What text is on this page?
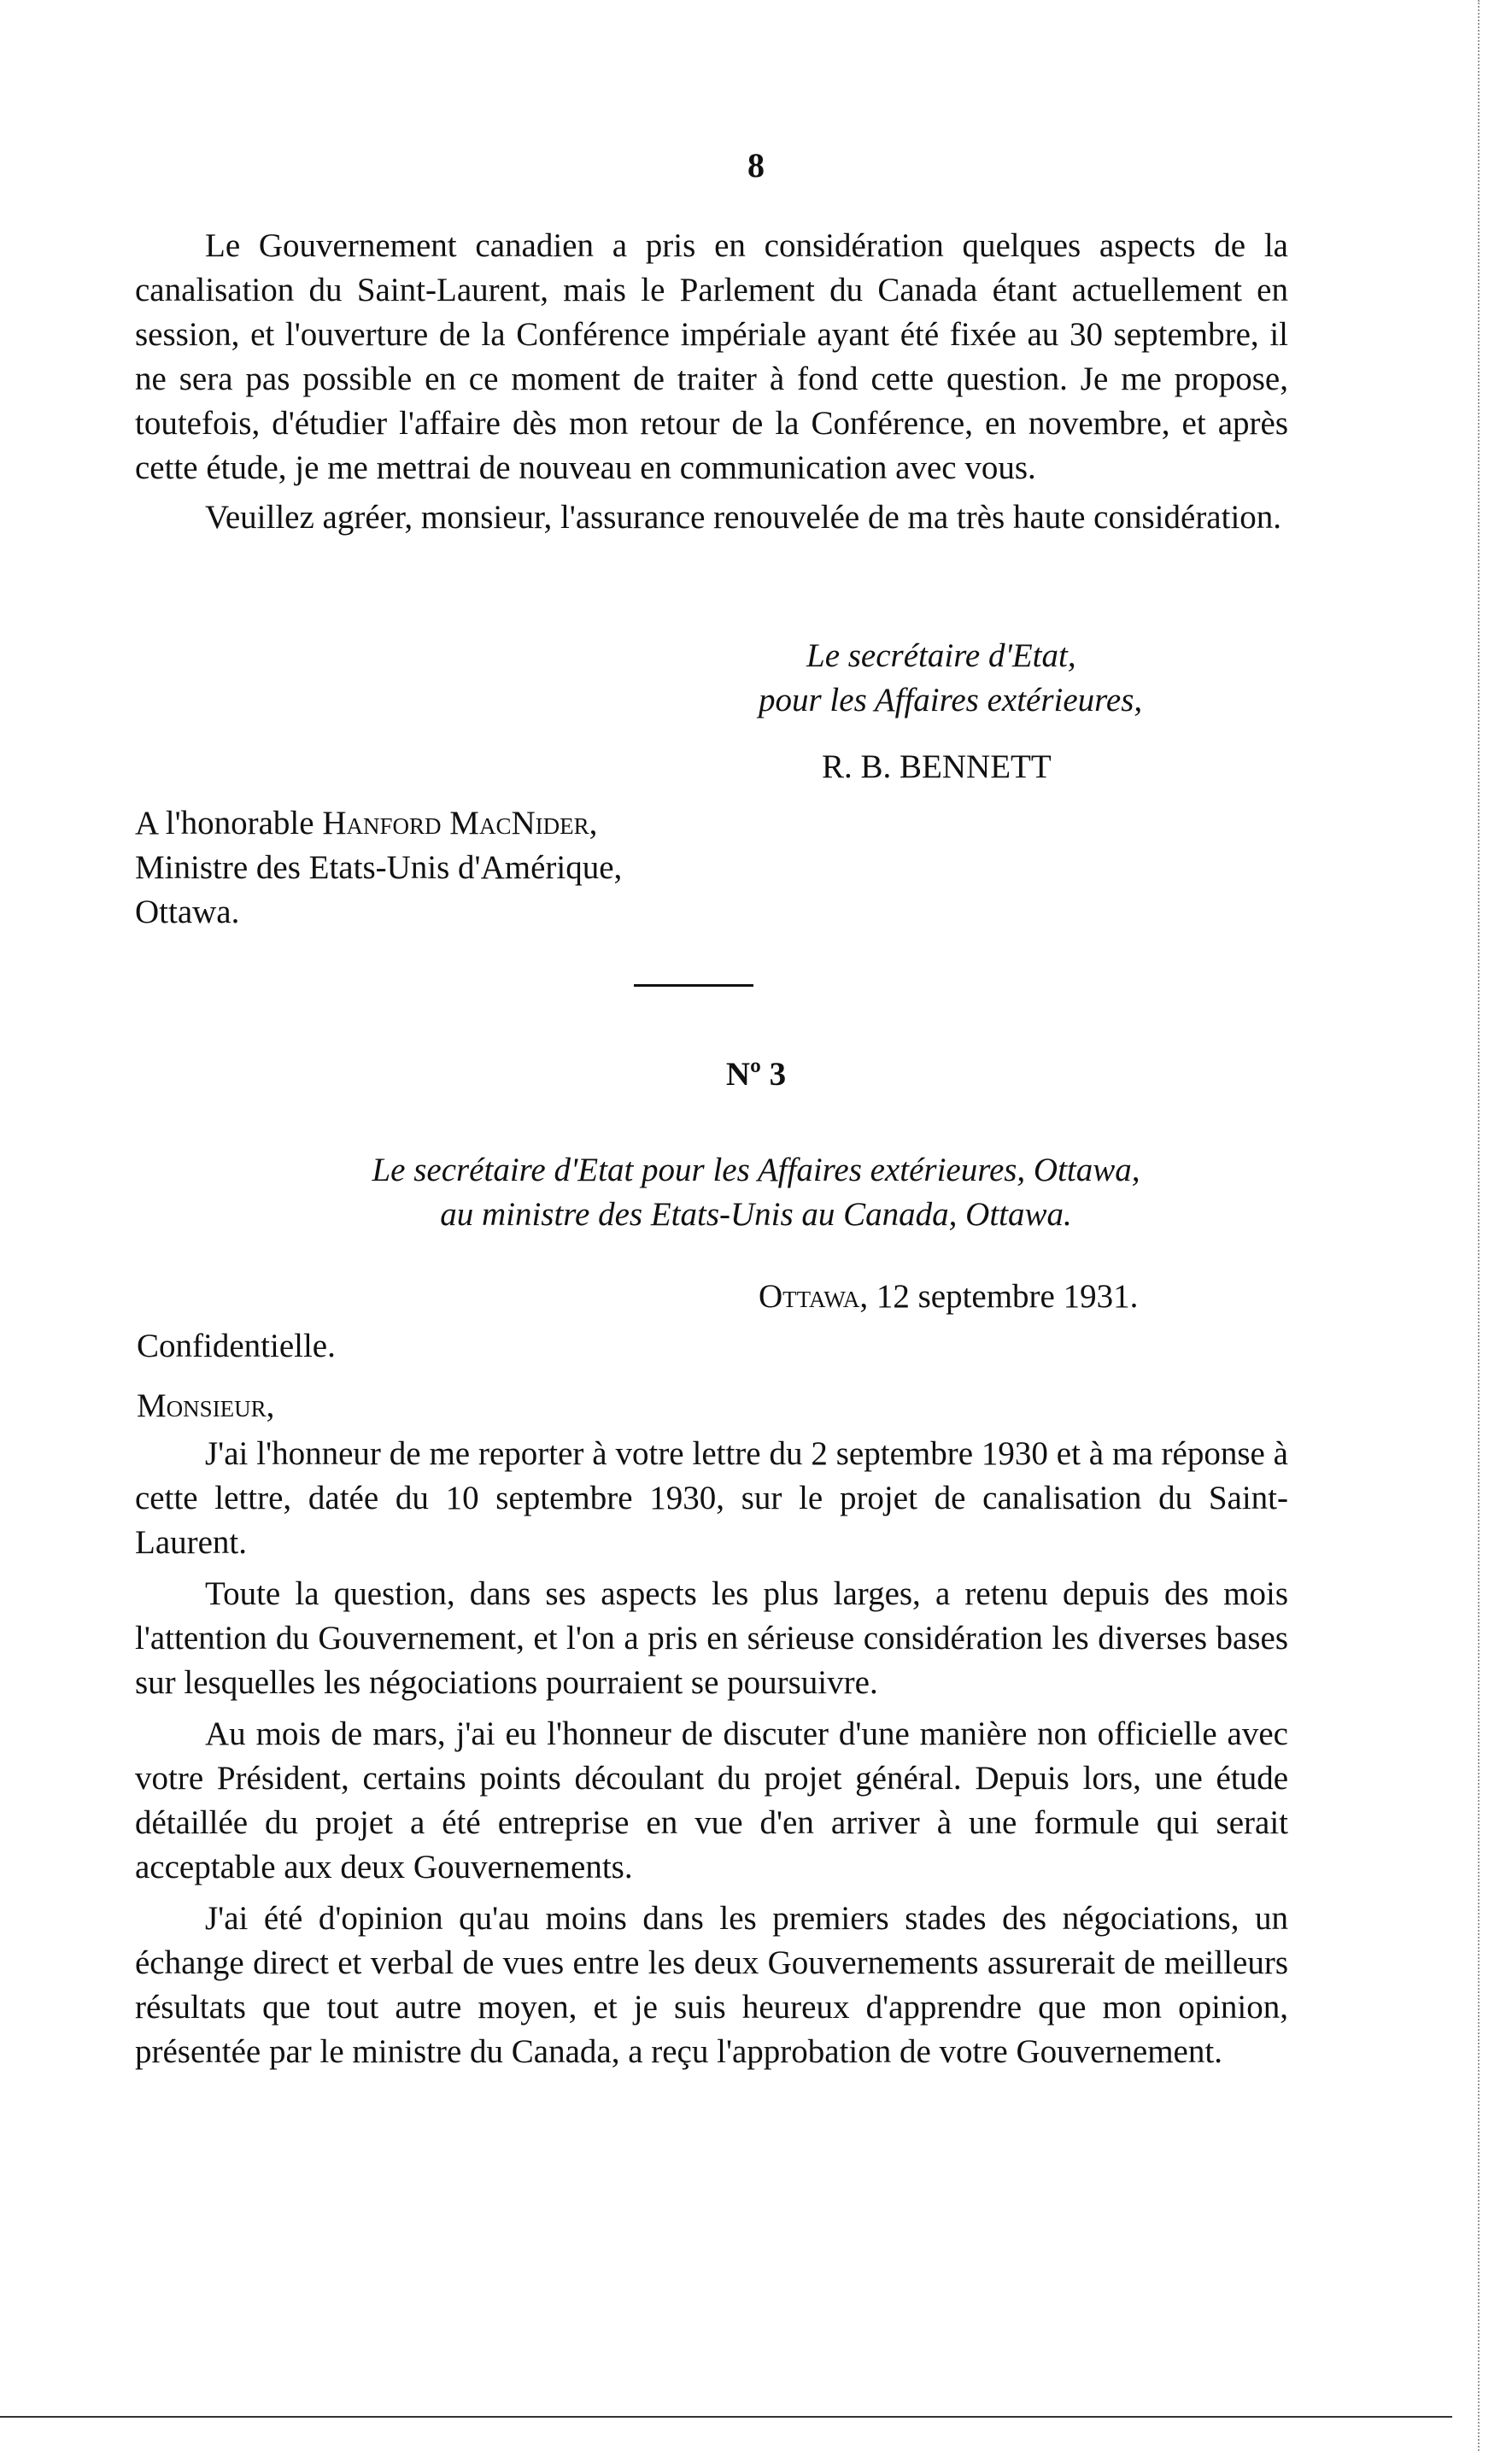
8

Le Gouvernement canadien a pris en considération quelques aspects de la canalisation du Saint-Laurent, mais le Parlement du Canada étant actuellement en session, et l'ouverture de la Conférence impériale ayant été fixée au 30 septembre, il ne sera pas possible en ce moment de traiter à fond cette question. Je me propose, toutefois, d'étudier l'affaire dès mon retour de la Conférence, en novembre, et après cette étude, je me mettrai de nouveau en communication avec vous.

Veuillez agréer, monsieur, l'assurance renouvelée de ma très haute considération.

Le secrétaire d'Etat,
pour les Affaires extérieures,
R. B. BENNETT
A l'honorable Hanford MacNider,
Ministre des Etats-Unis d'Amérique,
Ottawa.
Nº 3
Le secrétaire d'Etat pour les Affaires extérieures, Ottawa,
au ministre des Etats-Unis au Canada, Ottawa.
Ottawa, 12 septembre 1931.
Confidentielle.
Monsieur,

J'ai l'honneur de me reporter à votre lettre du 2 septembre 1930 et à ma réponse à cette lettre, datée du 10 septembre 1930, sur le projet de canalisation du Saint-Laurent.

Toute la question, dans ses aspects les plus larges, a retenu depuis des mois l'attention du Gouvernement, et l'on a pris en sérieuse considération les diverses bases sur lesquelles les négociations pourraient se poursuivre.

Au mois de mars, j'ai eu l'honneur de discuter d'une manière non officielle avec votre Président, certains points découlant du projet général. Depuis lors, une étude détaillée du projet a été entreprise en vue d'en arriver à une formule qui serait acceptable aux deux Gouvernements.

J'ai été d'opinion qu'au moins dans les premiers stades des négociations, un échange direct et verbal de vues entre les deux Gouvernements assurerait de meilleurs résultats que tout autre moyen, et je suis heureux d'apprendre que mon opinion, présentée par le ministre du Canada, a reçu l'approbation de votre Gouvernement.
